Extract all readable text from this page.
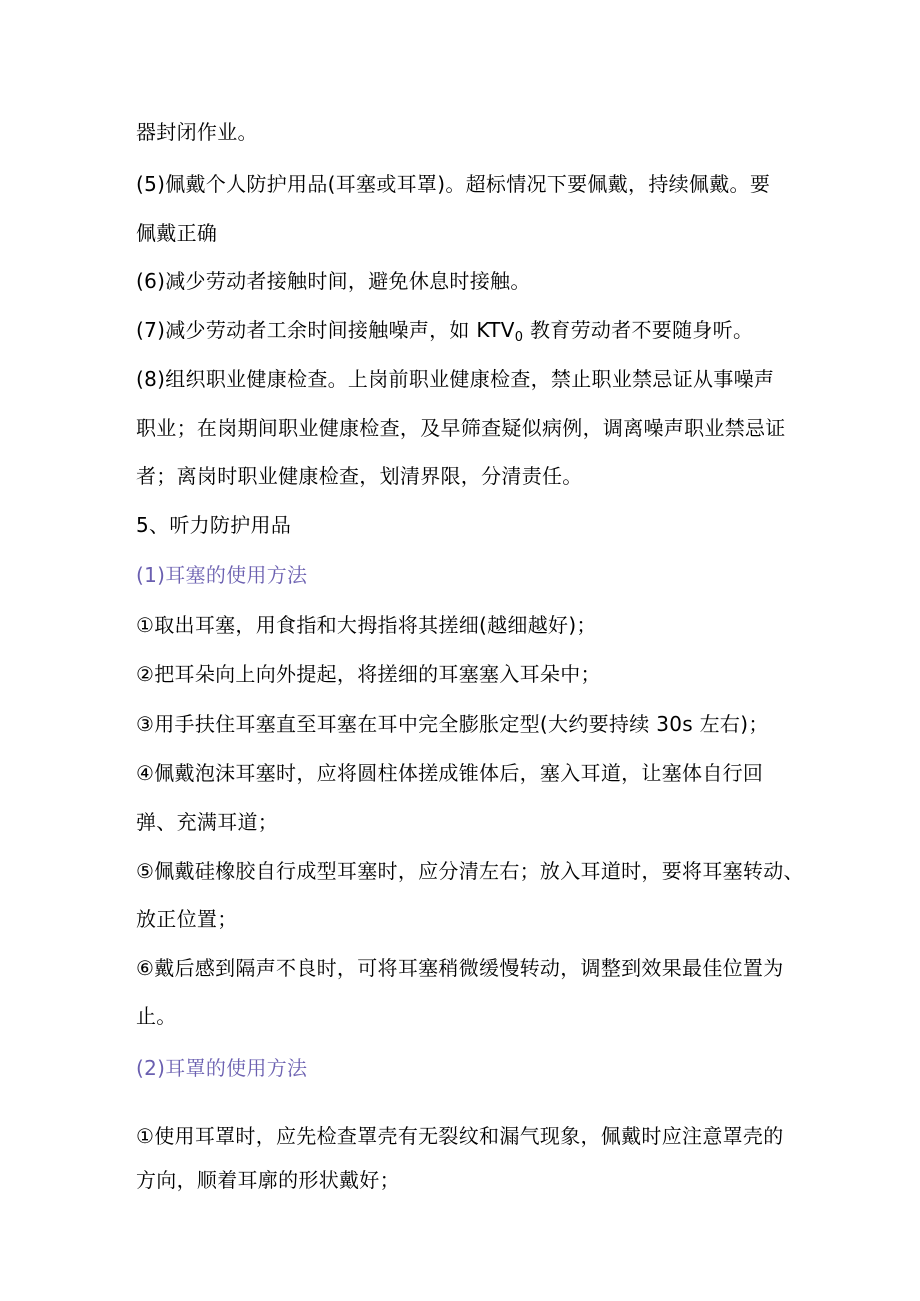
器封闭作业。
(5)佩戴个人防护用品(耳塞或耳罩)。超标情况下要佩戴，持续佩戴。要
佩戴正确
(6)减少劳动者接触时间，避免休息时接触。
(7)减少劳动者工余时间接触噪声，如 $KTV_0$ 教育劳动者不要随身听。
(8)组织职业健康检查。上岗前职业健康检查，禁止职业禁忌证从事噪声
职业；在岗期间职业健康检查，及早筛查疑似病例，调离噪声职业禁忌证
者；离岗时职业健康检查，划清界限，分清责任。
5、听力防护用品
(1)耳塞的使用方法
①取出耳塞，用食指和大拇指将其搓细(越细越好)；
②把耳朵向上向外提起，将搓细的耳塞塞入耳朵中；
③用手扶住耳塞直至耳塞在耳中完全膨胀定型(大约要持续 30s 左右)；
④佩戴泡沫耳塞时，应将圆柱体搓成锥体后，塞入耳道，让塞体自行回
弹、充满耳道；
⑤佩戴硅橡胶自行成型耳塞时，应分清左右；放入耳道时，要将耳塞转动、
放正位置；
⑥戴后感到隔声不良时，可将耳塞稍微缓慢转动，调整到效果最佳位置为
止。
(2)耳罩的使用方法
①使用耳罩时，应先检查罩壳有无裂纹和漏气现象，佩戴时应注意罩壳的
方向，顺着耳廓的形状戴好；
